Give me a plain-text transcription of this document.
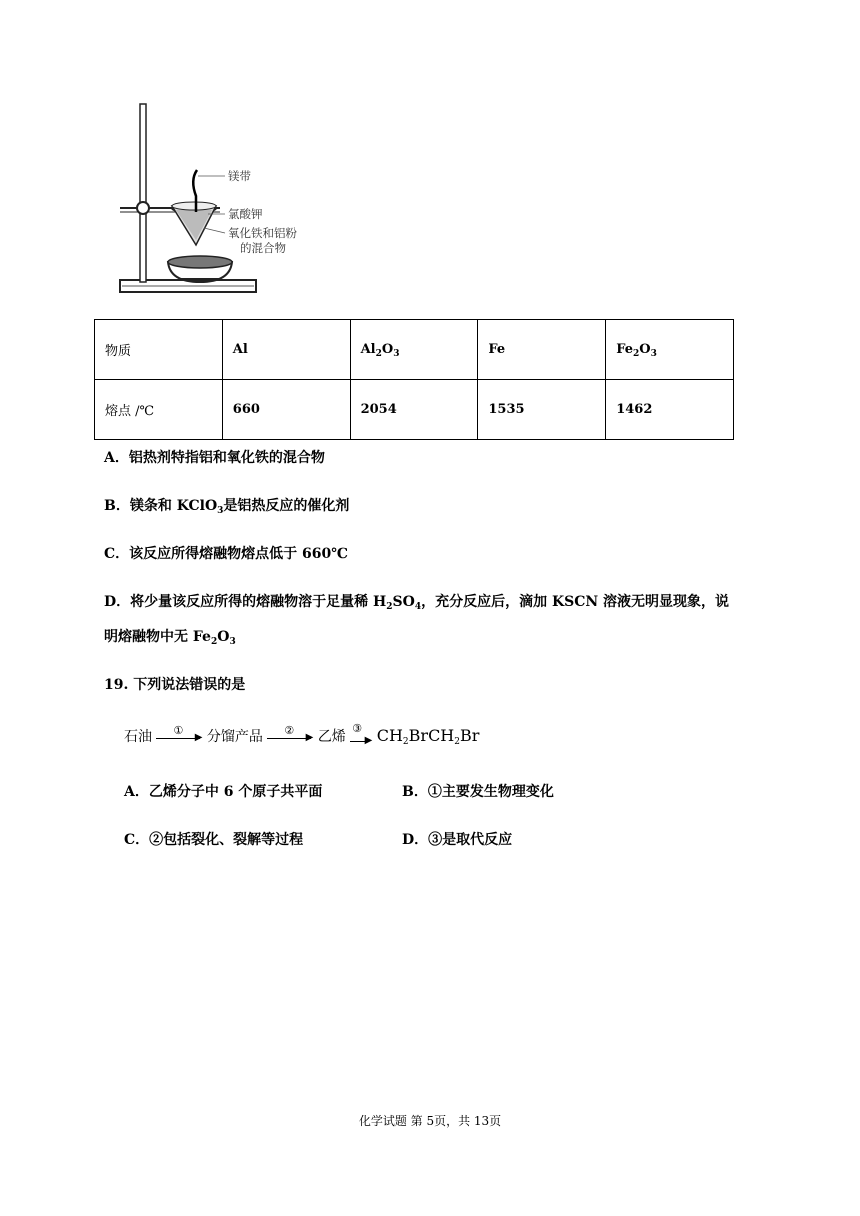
镁带
氯酸钾
氧化铁和铝粉
的混合物
物质	Al	$Al_2O_3$	Fe	$Fe_2O_3$
熔点 /℃	660	2054	1535	1462
A．铝热剂特指铝和氧化铁的混合物
B．镁条和 KClO$_3$是铝热反应的催化剂
C．该反应所得熔融物熔点低于 660℃
D．将少量该反应所得的熔融物溶于足量稀 $H_2SO_4$，充分反应后，滴加 KSCN 溶液无明显现象，说
明熔融物中无 $Fe_2O_3$
19. 下列说法错误的是
石油 ①
▶ 分馏产品 ②
▶ 乙烯
③
▶ $CH_2BrCH_2Br$
A．乙烯分子中 6 个原子共平面	B．①主要发生物理变化
C．②包括裂化、裂解等过程	D．③是取代反应
化学试题 第 5页，共 13页
